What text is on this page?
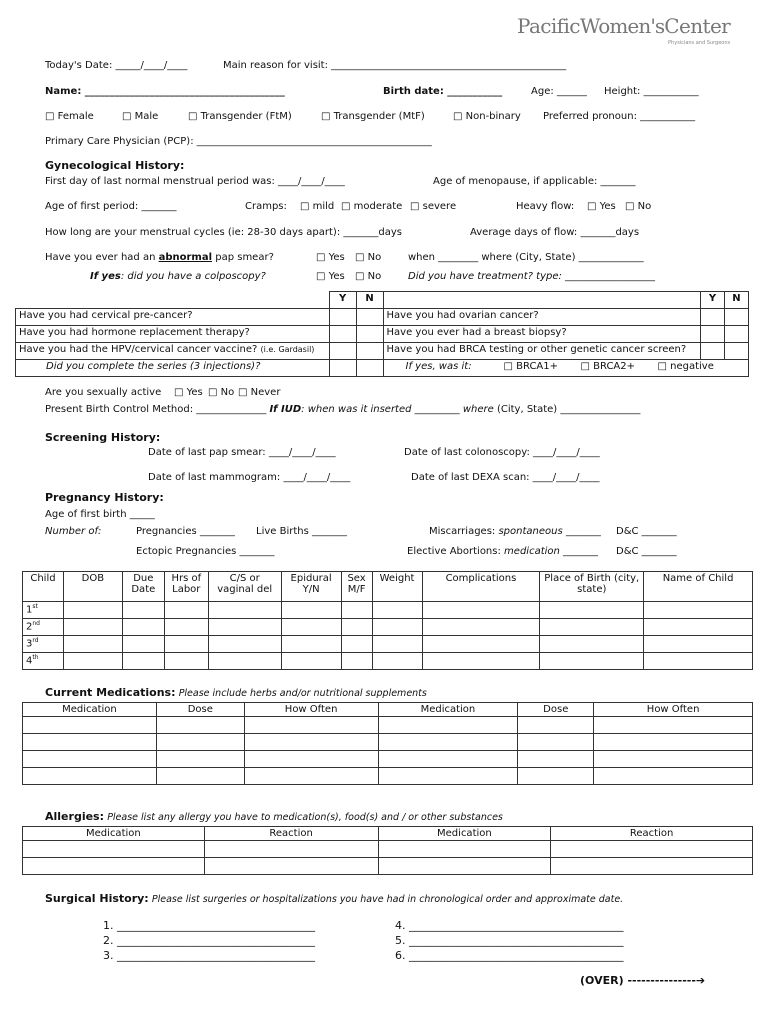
PacificWomen'sCenter
Physicians and Surgeons
Today's Date: _____/____/____	Main reason for visit: _______________________________________________
Name: ________________________________________	Birth date: ___________	Age: ______ Height: ___________
□ Female	□ Male	□ Transgender (FtM)	□ Transgender (MtF)	□ Non-binary Preferred pronoun: ___________
Primary Care Physician (PCP): _______________________________________________
Gynecological History:
First day of last normal menstrual period was: ____/____/____	Age of menopause, if applicable: _______
Age of first period: _______	Cramps: □ mild □ moderate □ severe	Heavy flow: □ Yes □ No
How long are your menstrual cycles (ie: 28-30 days apart): _______days	Average days of flow: _______days
Have you ever had an abnormal pap smear?	□ Yes □ No	when ________ where (City, State) _____________
If yes: did you have a colposcopy?	□ Yes □ No	Did you have treatment? type: __________________
	Y	N		Y	N
Have you had cervical pre-cancer?			Have you had ovarian cancer?		
Have you had hormone replacement therapy?			Have you ever had a breast biopsy?		
Have you had the HPV/cervical cancer vaccine? (i.e. Gardasil)			Have you had BRCA testing or other genetic cancer screen?		
Did you complete the series (3 injections)?			If yes, was it: □ BRCA1+ □ BRCA2+ □ negative		
Are you sexually active □ Yes □ No □ Never
Present Birth Control Method: ______________ If IUD: when was it inserted _________ where (City, State) ________________
Screening History:
Date of last pap smear: ____/____/____	Date of last colonoscopy: ____/____/____
Date of last mammogram: ____/____/____	Date of last DEXA scan: ____/____/____
Pregnancy History:
Age of first birth _____
Number of:	Pregnancies _______ Live Births _______	Miscarriages: spontaneous _______ D&C _______
Ectopic Pregnancies _______	Elective Abortions: medication _______ D&C _______
Child	DOB	Due Date	Hrs of Labor	C/S or vaginal del	Epidural Y/N	Sex M/F	Weight	Complications	Place of Birth (city, state)	Name of Child
1st										
2nd										
3rd										
4th										
Current Medications: Please include herbs and/or nutritional supplements
Medication	Dose	How Often	Medication	Dose	How Often

Allergies: Please list any allergy you have to medication(s), food(s) and / or other substances
Medication	Reaction	Medication	Reaction

Surgical History: Please list surgeries or hospitalizations you have had in chronological order and approximate date.
1. ____________________________________
2. ____________________________________
3. ____________________________________
4. _______________________________________
5. _______________________________________
6. _______________________________________
(OVER) ---------------➔
